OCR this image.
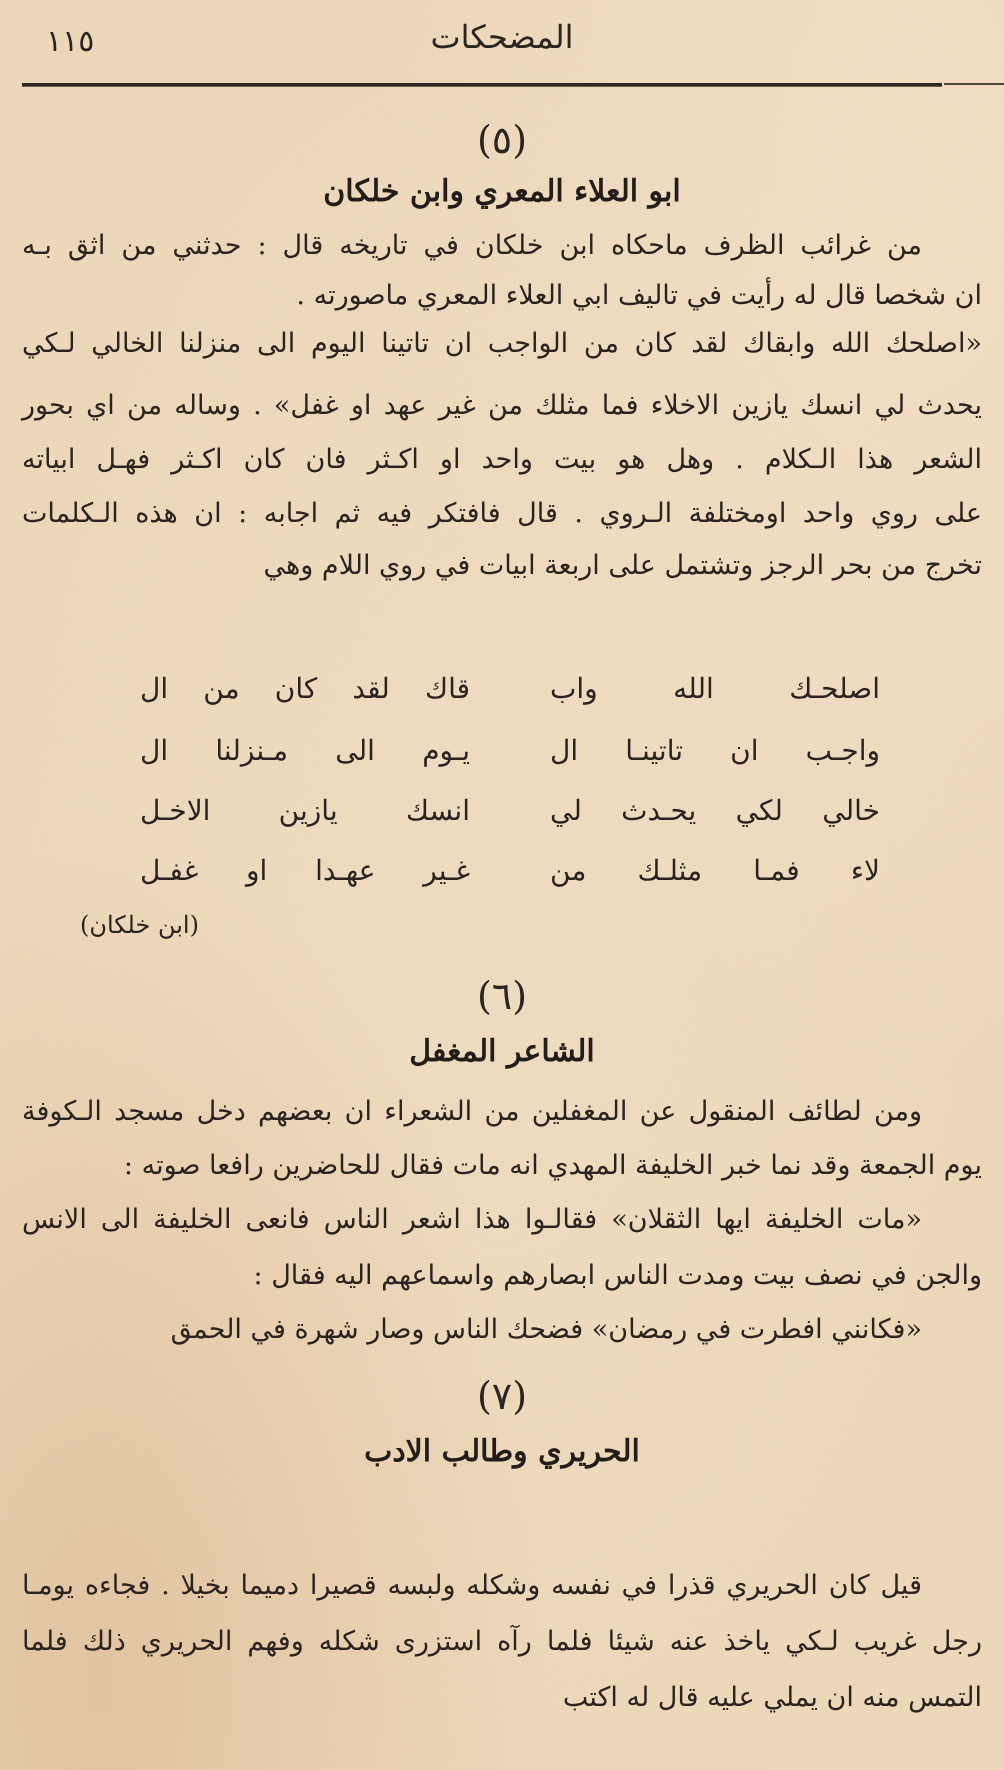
١١٥	المضحكات
(٥)
ابو العلاء المعري وابن خلكان
من غرائب الظرف ماحكاه ابن خلكان في تاريخه قال : حدثني من اثق بـه
ان شخصا قال له رأيت في تاليف ابي العلاء المعري ماصورته .
«اصلحك الله وابقاك لقد كان من الواجب ان تاتينا اليوم الى منزلنا الخالي لـكي
يحدث لي انسك يازين الاخلاء فما مثلك من غير عهد او غفل» . وساله من اي بحور
الشعر هذا الـكلام . وهل هو بيت واحد او اكـثر فان كان اكـثر فهـل ابياته
على روي واحد اومختلفة الـروي . قال فافتكر فيه ثم اجابه : ان هذه الـكلمات
تخرج من بحر الرجز وتشتمل على اربعة ابيات في روي اللام وهي
اصلحـك الله واب
قاك لقد كان من ال
واجـب ان تاتينـا ال
يـوم الى مـنزلنا ال
خالي لكي يحـدث لي
انسك يازين الاخـل
لاء فمـا مثلـك من
غـير عهـدا او غفـل
(ابن خلكان)
(٦)
الشاعر المغفل
ومن لطائف المنقول عن المغفلين من الشعراء ان بعضهم دخل مسجد الـكوفة
يوم الجمعة وقد نما خبر الخليفة المهدي انه مات فقال للحاضرين رافعا صوته :
«مات الخليفة ايها الثقلان» فقالـوا هذا اشعر الناس فانعى الخليفة الى الانس
والجن في نصف بيت ومدت الناس ابصارهم واسماعهم اليه فقال :
«فكانني افطرت في رمضان» فضحك الناس وصار شهرة في الحمق
(٧)
الحريري وطالب الادب
قيل كان الحريري قذرا في نفسه وشكله ولبسه قصيرا دميما بخيلا . فجاءه يومـا
رجل غريب لـكي ياخذ عنه شيئا فلما رآه استزرى شكله وفهم الحريري ذلك فلما
التمس منه ان يملي عليه قال له اكتب
